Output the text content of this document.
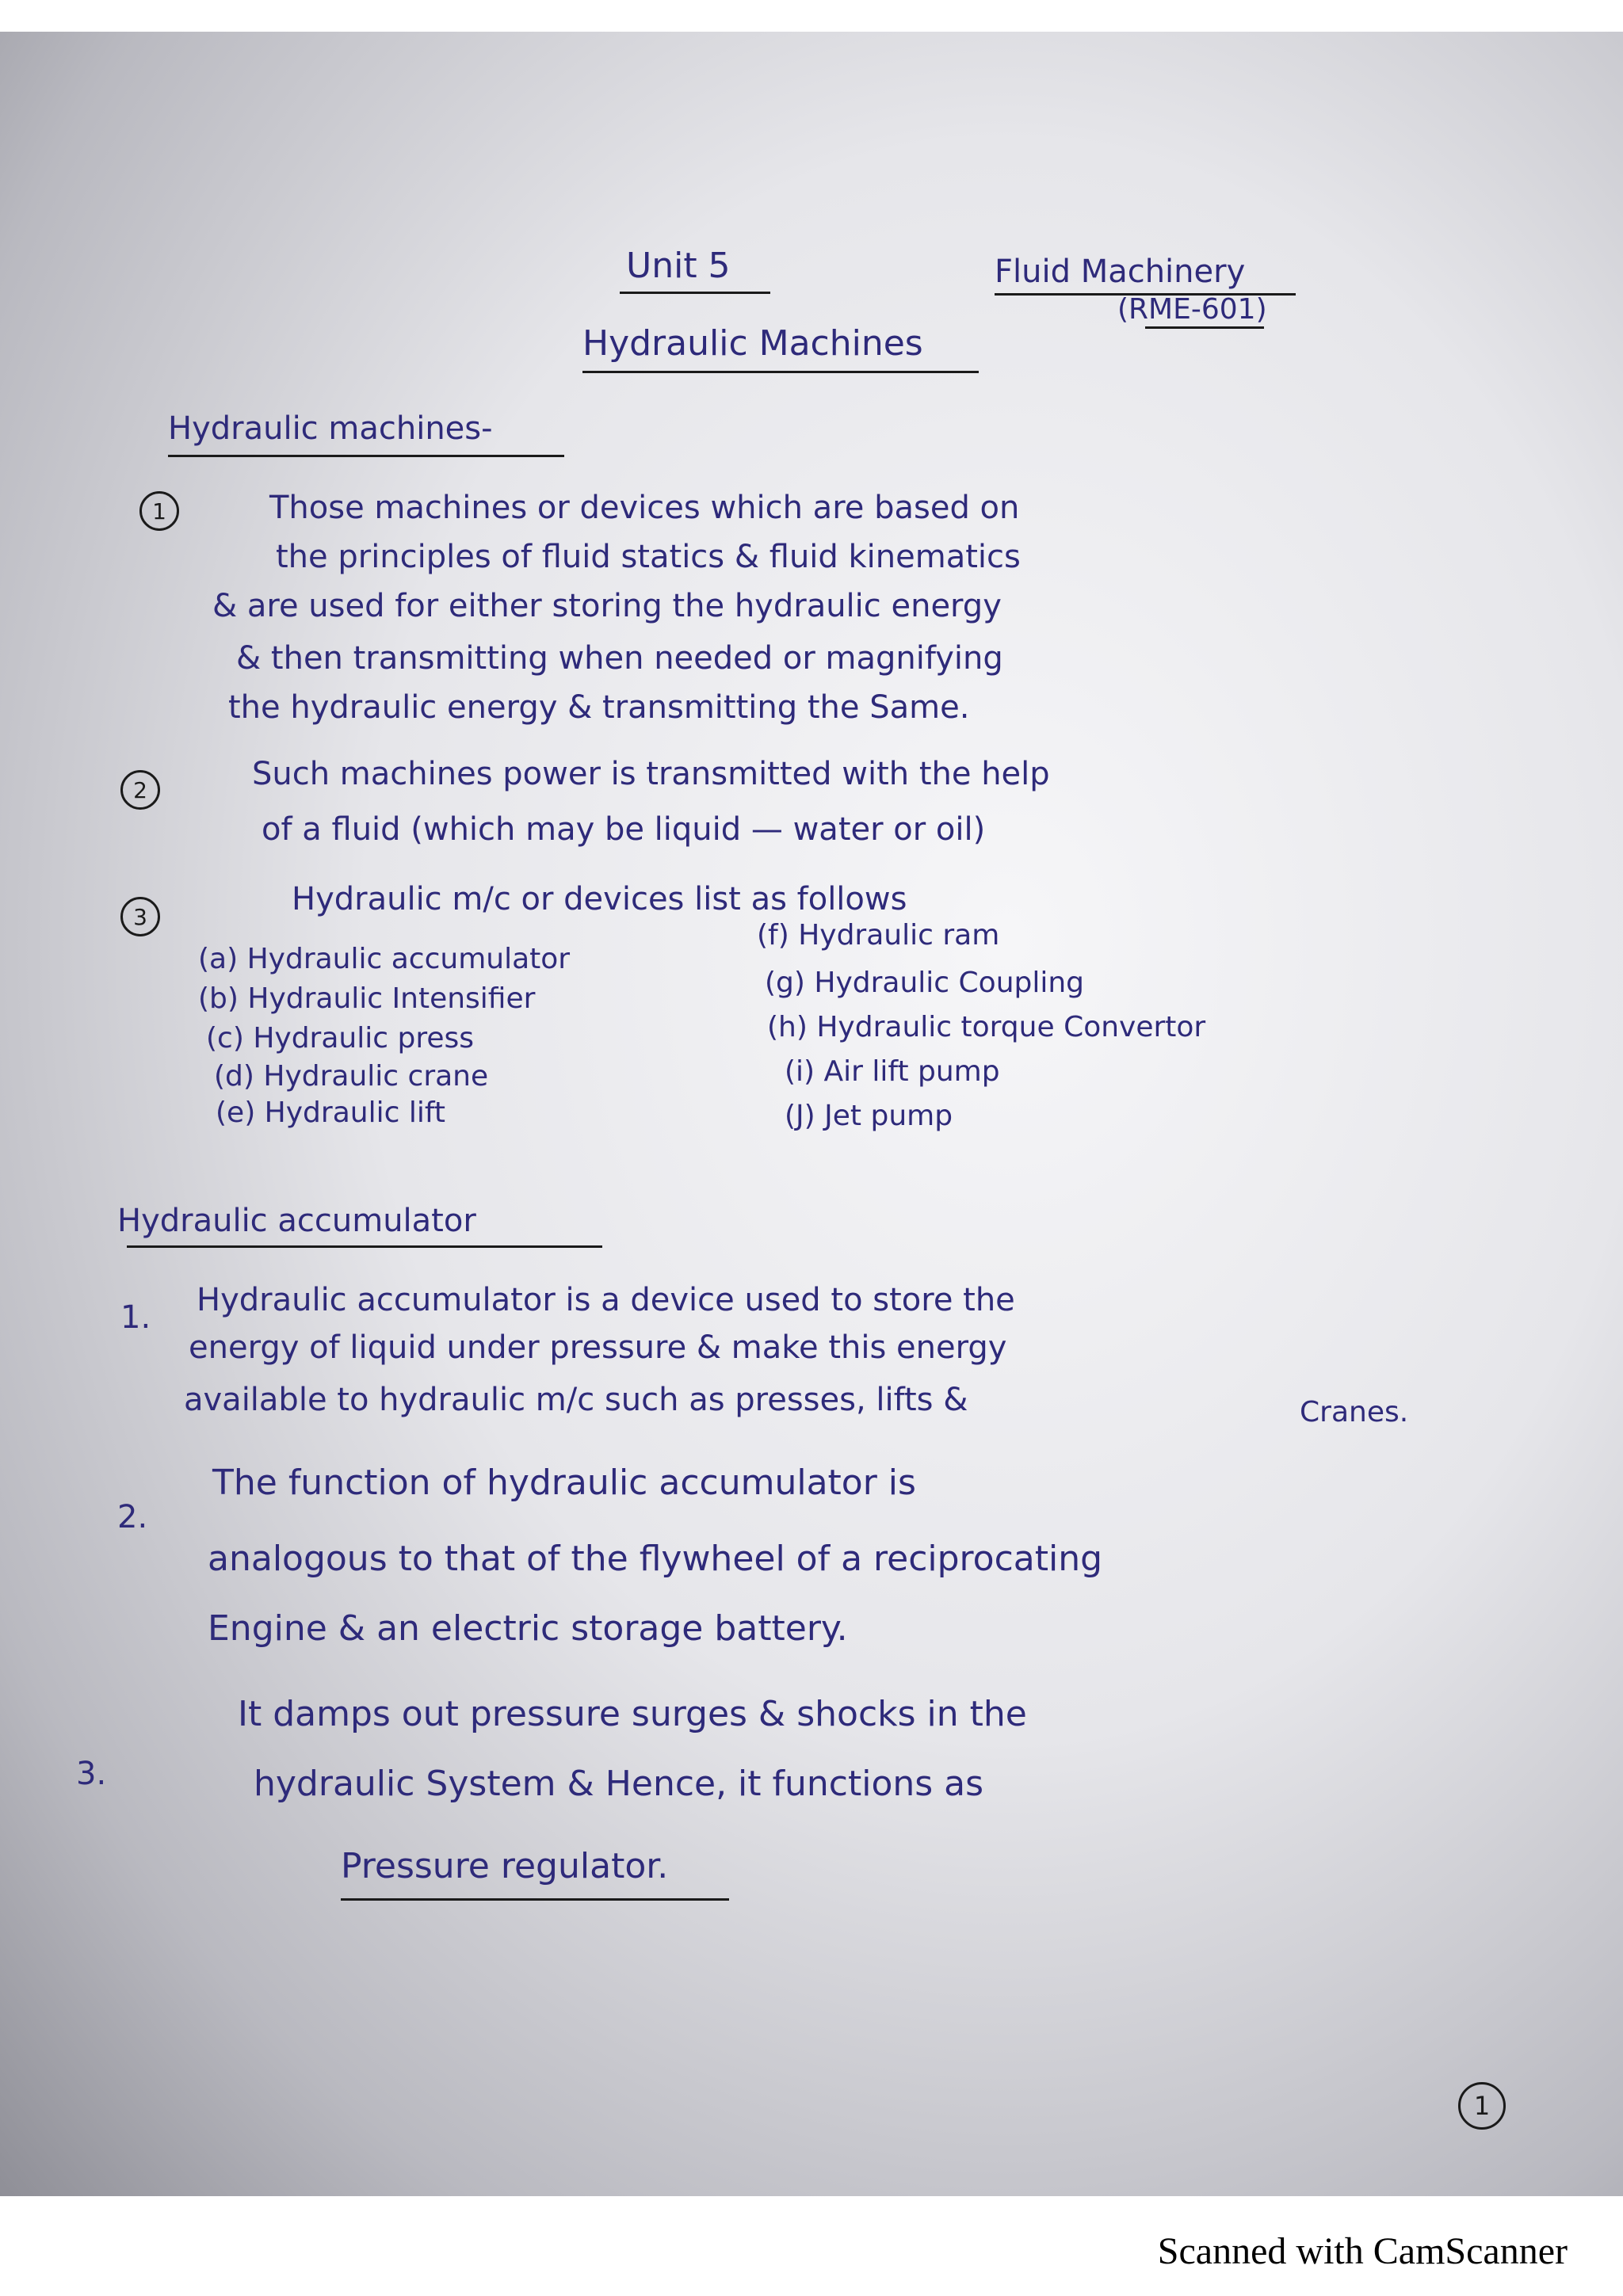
Unit 5	Fluid Machinery
(RME-601)
Hydraulic Machines
Hydraulic machines-
1	Those machines or devices which are based on
the principles of fluid statics & fluid kinematics
& are used for either storing the hydraulic energy
& then transmitting when needed or magnifying
the hydraulic energy & transmitting the Same.
2	Such machines power is transmitted with the help
of a fluid (which may be liquid — water or oil)
3	Hydraulic m/c or devices list as follows
(a) Hydraulic accumulator
(b) Hydraulic Intensifier
(c) Hydraulic press
(d) Hydraulic crane
(e) Hydraulic lift
(f) Hydraulic ram
(g) Hydraulic Coupling
(h) Hydraulic torque Convertor
(i) Air lift pump
(J) Jet pump
Hydraulic accumulator
1. Hydraulic accumulator is a device used to store the
energy of liquid under pressure & make this energy
available to hydraulic m/c such as presses, lifts &	Cranes.
2.
The function of hydraulic accumulator is
analogous to that of the flywheel of a reciprocating
Engine & an electric storage battery.
3.
It damps out pressure surges & shocks in the
hydraulic System & Hence, it functions as
Pressure regulator.
1
Scanned with CamScanner
